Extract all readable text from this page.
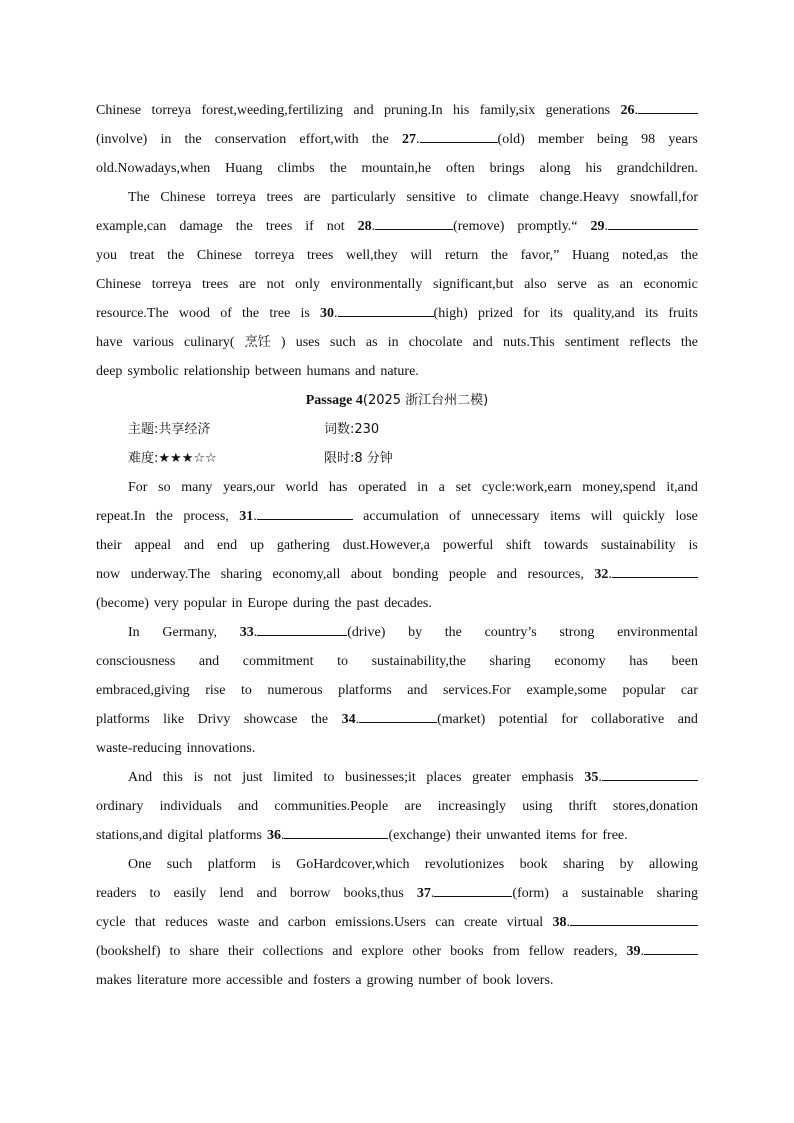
Chinese torreya forest,weeding,fertilizing and pruning.In his family,six generations 26.
(involve) in the conservation effort,with the 27.	(old) member being 98 years
old.Nowadays,when Huang climbs the mountain,he often brings along his grandchildren.
The Chinese torreya trees are particularly sensitive to climate change.Heavy snowfall,for
example,can damage the trees if not 28.	(remove) promptly.“ 29.
you treat the Chinese torreya trees well,they will return the favor,” Huang noted,as the
Chinese torreya trees are not only environmentally significant,but also serve as an economic
resource.The wood of the tree is 30.	(high) prized for its quality,and its fruits
have various culinary( 烹饪 ) uses such as in chocolate and nuts.This sentiment reflects the
deep symbolic relationship between humans and nature.
Passage 4 (2025 浙江台州二模)
主题:共享经济	词数:230
难度:★★★☆☆	限时:8 分钟
For so many years,our world has operated in a set cycle:work,earn money,spend it,and
repeat.In the process, 31.	accumulation of unnecessary items will quickly lose
their appeal and end up gathering dust.However,a powerful shift towards sustainability is
now underway.The sharing economy,all about bonding people and resources, 32.
(become) very popular in Europe during the past decades.
In Germany, 33.	(drive) by the country’s strong environmental
consciousness and commitment to sustainability,the sharing economy has been
embraced,giving rise to numerous platforms and services.For example,some popular car
platforms like Drivy showcase the 34.	(market) potential for collaborative and
waste-reducing innovations.
And this is not just limited to businesses;it places greater emphasis 35.
ordinary individuals and communities.People are increasingly using thrift stores,donation
stations,and digital platforms 36.	(exchange) their unwanted items for free.
One such platform is GoHardcover,which revolutionizes book sharing by allowing
readers to easily lend and borrow books,thus 37.	(form) a sustainable sharing
cycle that reduces waste and carbon emissions.Users can create virtual 38.
(bookshelf) to share their collections and explore other books from fellow readers, 39.
makes literature more accessible and fosters a growing number of book lovers.
